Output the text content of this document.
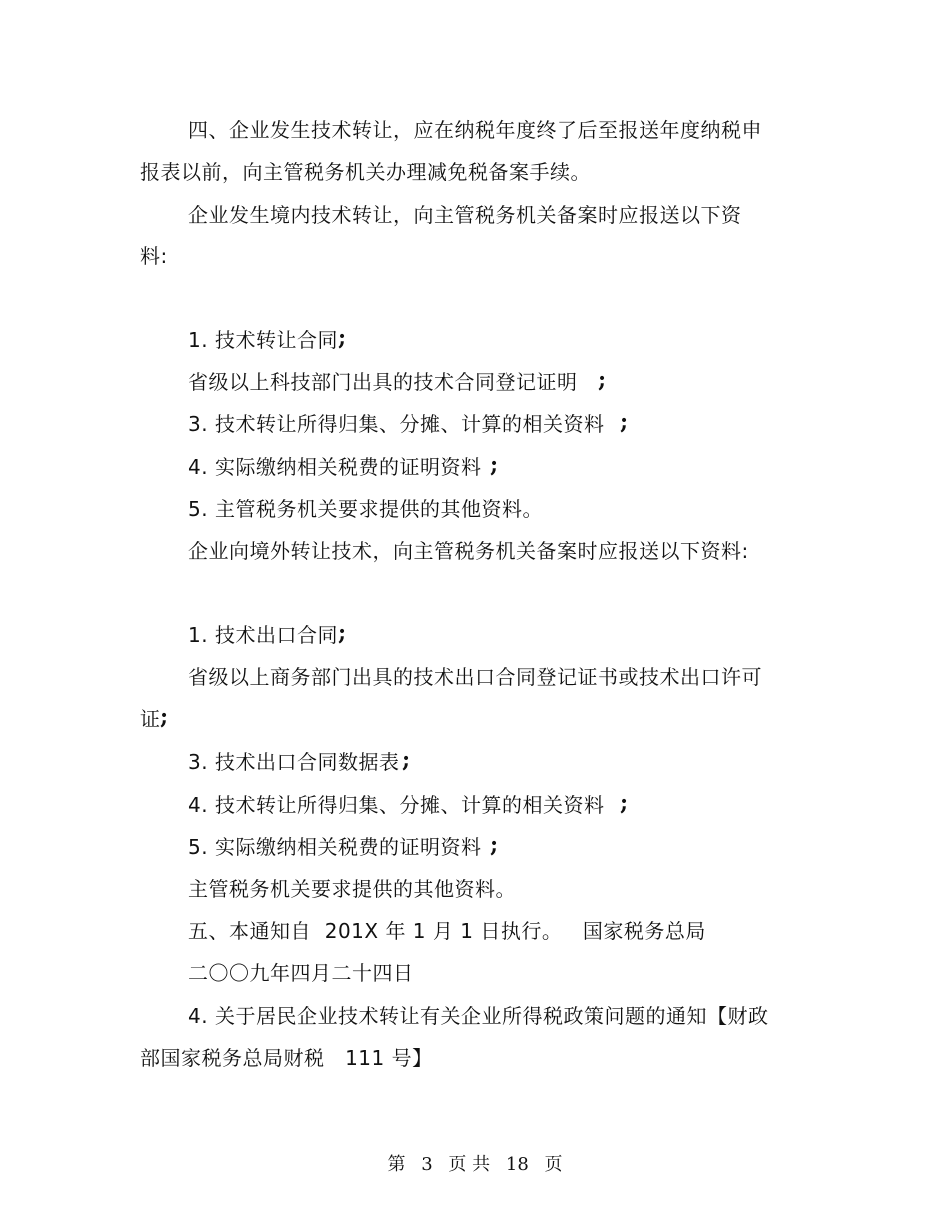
四、企业发生技术转让，应在纳税年度终了后至报送年度纳税申
报表以前，向主管税务机关办理减免税备案手续。
企业发生境内技术转让，向主管税务机关备案时应报送以下资
料:
1. 技术转让合同 ;
省级以上科技部门出具的技术合同登记证明 ;
3. 技术转让所得归集、分摊、计算的相关资料 ;
4. 实际缴纳相关税费的证明资料 ;
5. 主管税务机关要求提供的其他资料。
企业向境外转让技术，向主管税务机关备案时应报送以下资料:
1. 技术出口合同 ;
省级以上商务部门出具的技术出口合同登记证书或技术出口许可
证 ;
3. 技术出口合同数据表 ;
4. 技术转让所得归集、分摊、计算的相关资料 ;
5. 实际缴纳相关税费的证明资料 ;
主管税务机关要求提供的其他资料。
五、本通知自  201X 年 1 月 1 日执行。   国家税务总局
二〇〇九年四月二十四日
4. 关于居民企业技术转让有关企业所得税政策问题的通知【财政
部国家税务总局财税   111 号】
第 3 页 共 18 页
